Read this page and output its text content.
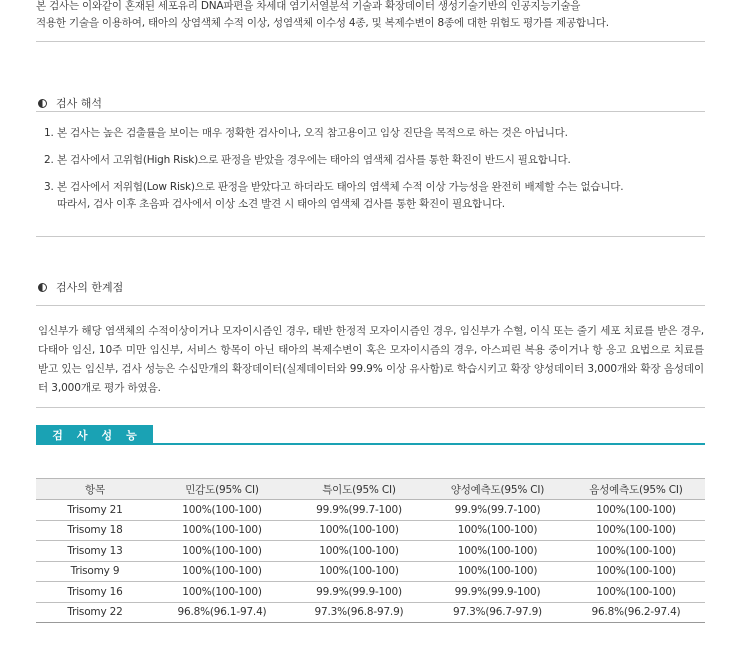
본 검사는 이와같이 혼재된 세포유리 DNA파편을 차세대 염기서열분석 기술과 확장데이터 생성기술기반의 인공지능기술을

적용한 기술을 이용하여, 태아의 상염색체 수적 이상, 성염색체 이수성 4종, 및 복제수변이 8종에 대한 위험도 평가를 제공합니다.

검사 해석
1. 본 검사는 높은 검출률을 보이는 매우 정확한 검사이나, 오직 참고용이고 임상 진단을 목적으로 하는 것은 아닙니다.
2. 본 검사에서 고위험(High Risk)으로 판정을 받았을 경우에는 태아의 염색체 검사를 통한 확진이 반드시 필요합니다.
3. 본 검사에서 저위험(Low Risk)으로 판정을 받았다고 하더라도 태아의 염색체 수적 이상 가능성을 완전히 배제할 수는 없습니다.
따라서, 검사 이후 초음파 검사에서 이상 소견 발견 시 태아의 염색체 검사를 통한 확진이 필요합니다.
검사의 한계점
임신부가 해당 염색체의 수적이상이거나 모자이시즘인 경우, 태반 한정적 모자이시즘인 경우, 임신부가 수혈, 이식 또는 줄기 세포 치료를 받은 경우, 다태아 임신, 10주 미만 임신부, 서비스 항목이 아닌 태아의 복제수변이 혹은 모자이시즘의 경우, 아스피린 복용 중이거나 항 응고 요법으로 치료를 받고 있는 임신부, 검사 성능은 수십만개의 확장데이터(실제데이터와 99.9% 이상 유사함)로 학습시키고 확장 양성데이터 3,000개와 확장 음성데이터 3,000개로 평가 하였음.
검사성능
항목	민감도(95% CI)	특이도(95% CI)	양성예측도(95% CI)	음성예측도(95% CI)
Trisomy 21	100%(100-100)	99.9%(99.7-100)	99.9%(99.7-100)	100%(100-100)
Trisomy 18	100%(100-100)	100%(100-100)	100%(100-100)	100%(100-100)
Trisomy 13	100%(100-100)	100%(100-100)	100%(100-100)	100%(100-100)
Trisomy 9	100%(100-100)	100%(100-100)	100%(100-100)	100%(100-100)
Trisomy 16	100%(100-100)	99.9%(99.9-100)	99.9%(99.9-100)	100%(100-100)
Trisomy 22	96.8%(96.1-97.4)	97.3%(96.8-97.9)	97.3%(96.7-97.9)	96.8%(96.2-97.4)
